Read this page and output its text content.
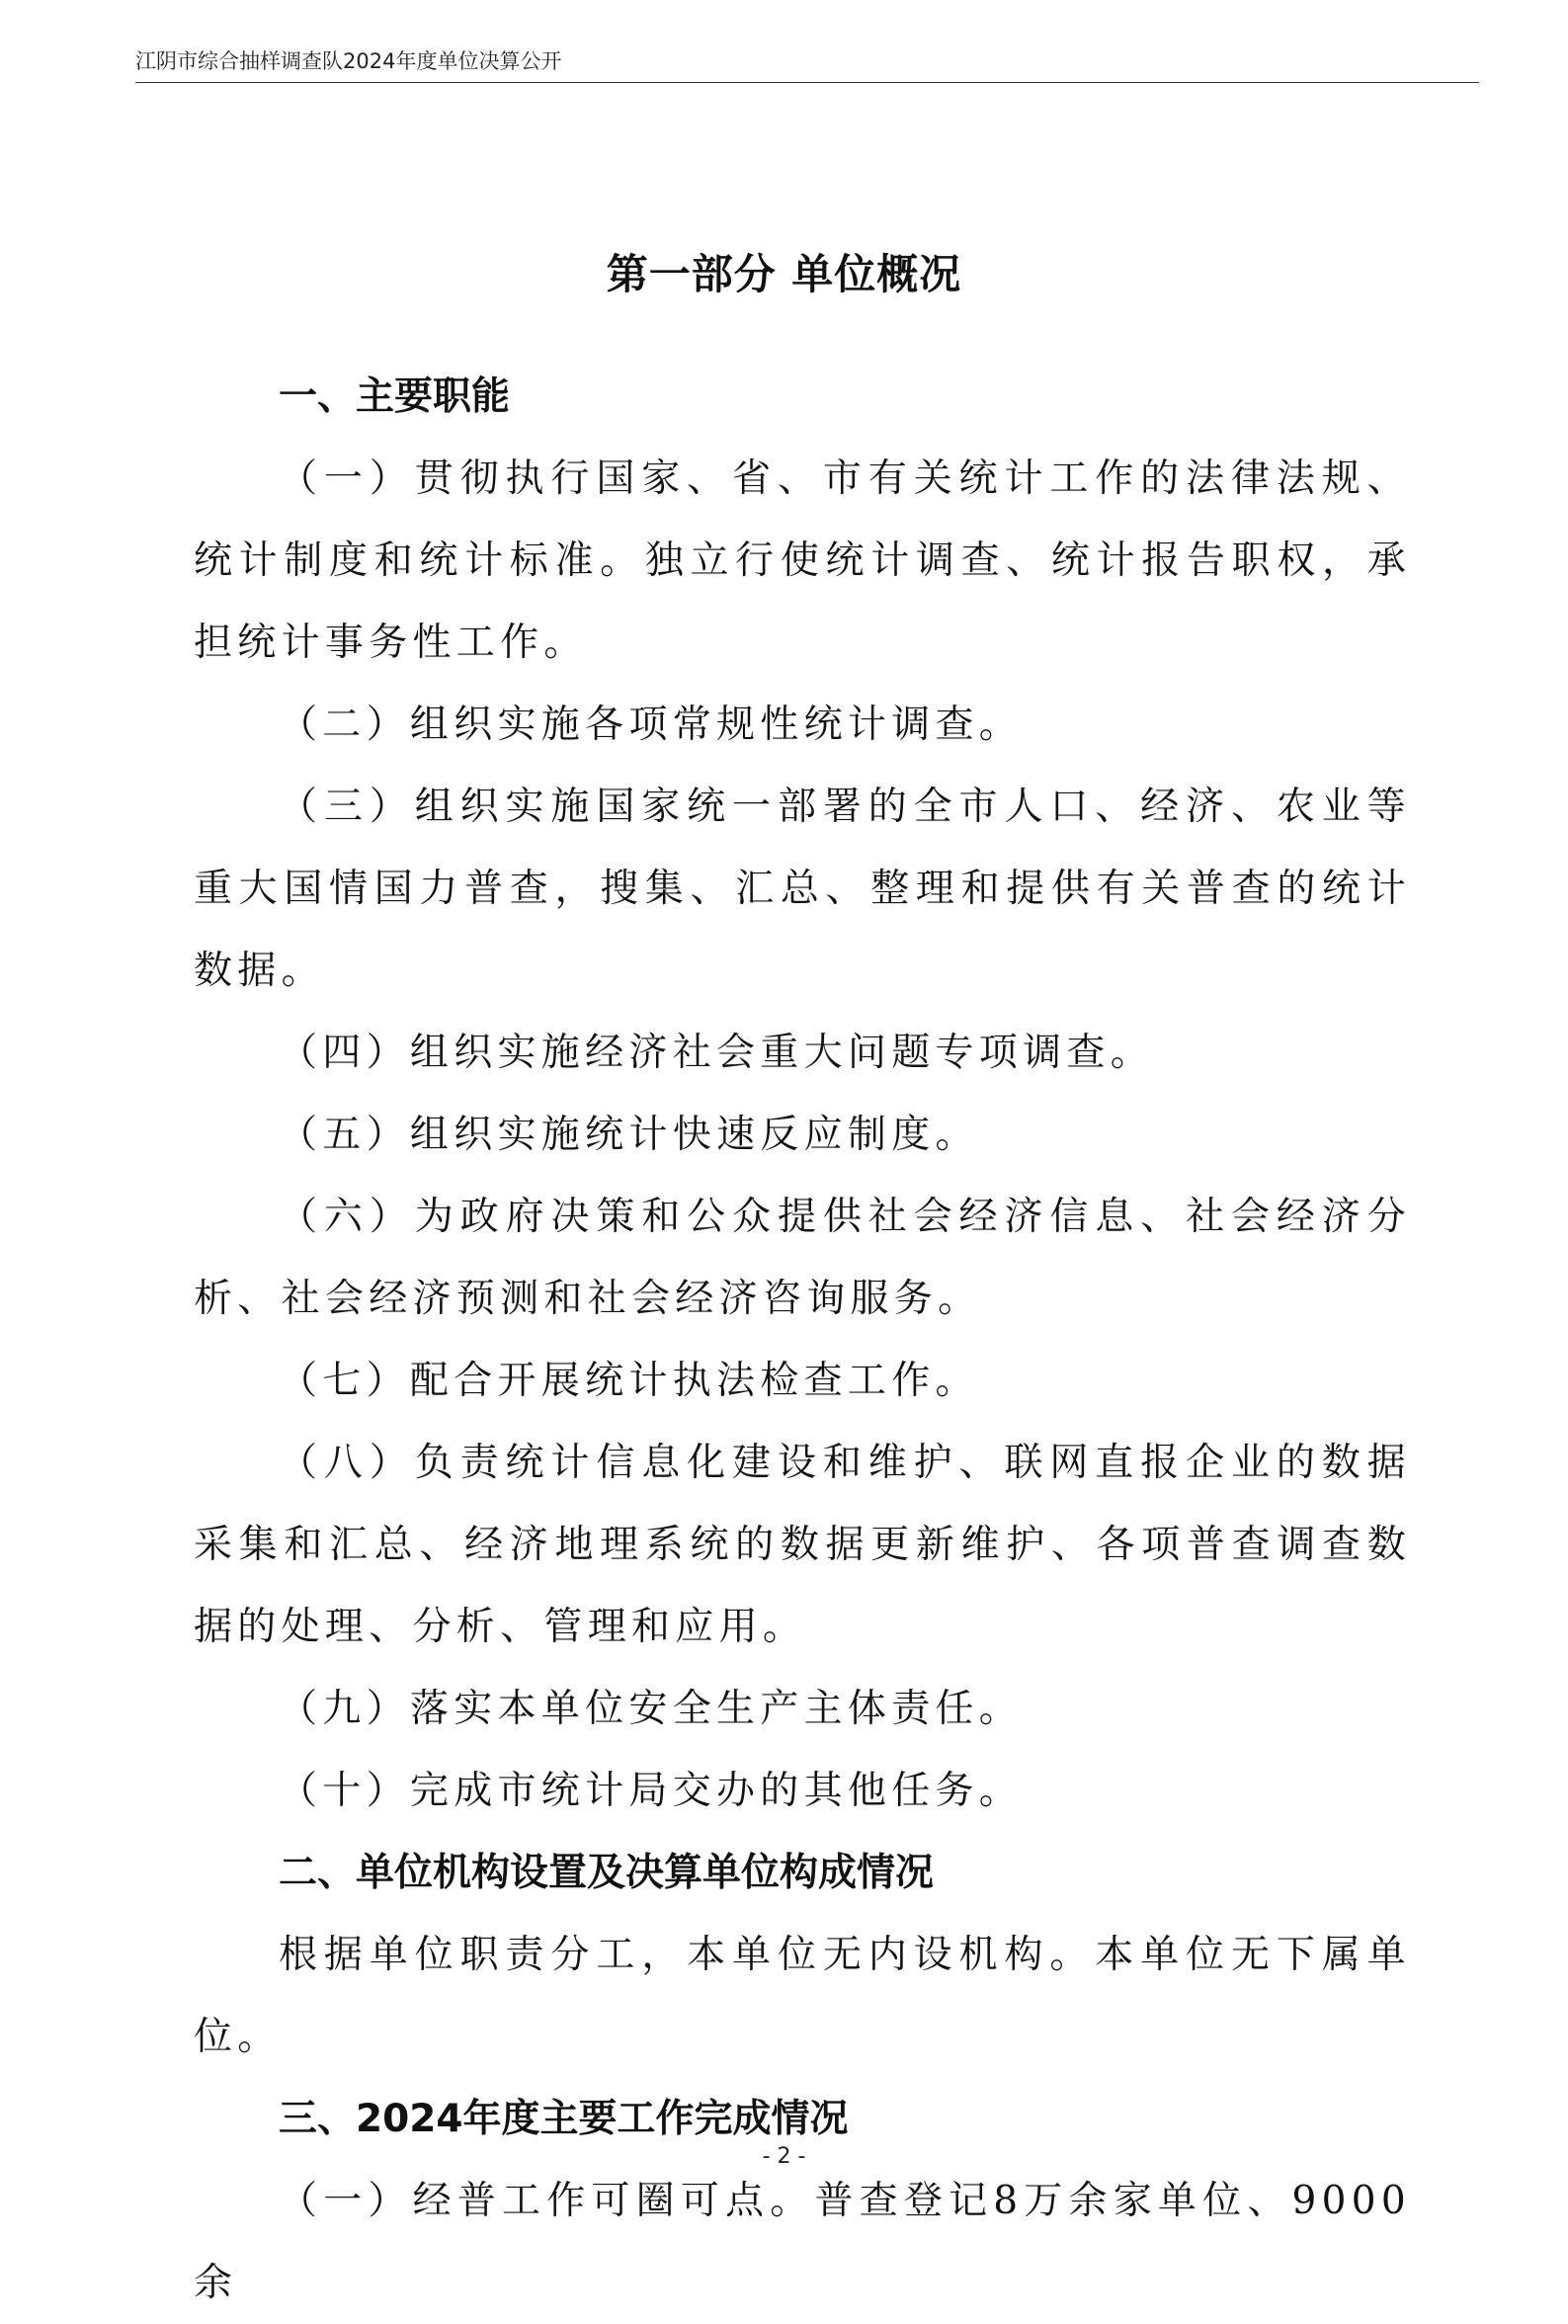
江阴市综合抽样调查队2024年度单位决算公开
第一部分 单位概况
一、主要职能

（一）贯彻执行国家、省、市有关统计工作的法律法规、统计制度和统计标准。独立行使统计调查、统计报告职权，承担统计事务性工作。

（二）组织实施各项常规性统计调查。

（三）组织实施国家统一部署的全市人口、经济、农业等重大国情国力普查，搜集、汇总、整理和提供有关普查的统计数据。

（四）组织实施经济社会重大问题专项调查。

（五）组织实施统计快速反应制度。

（六）为政府决策和公众提供社会经济信息、社会经济分析、社会经济预测和社会经济咨询服务。

（七）配合开展统计执法检查工作。

（八）负责统计信息化建设和维护、联网直报企业的数据采集和汇总、经济地理系统的数据更新维护、各项普查调查数据的处理、分析、管理和应用。

（九）落实本单位安全生产主体责任。

（十）完成市统计局交办的其他任务。

二、单位机构设置及决算单位构成情况

根据单位职责分工，本单位无内设机构。本单位无下属单位。

三、2024年度主要工作完成情况

（一）经普工作可圈可点。普查登记8万余家单位、9000余

- 2 -
